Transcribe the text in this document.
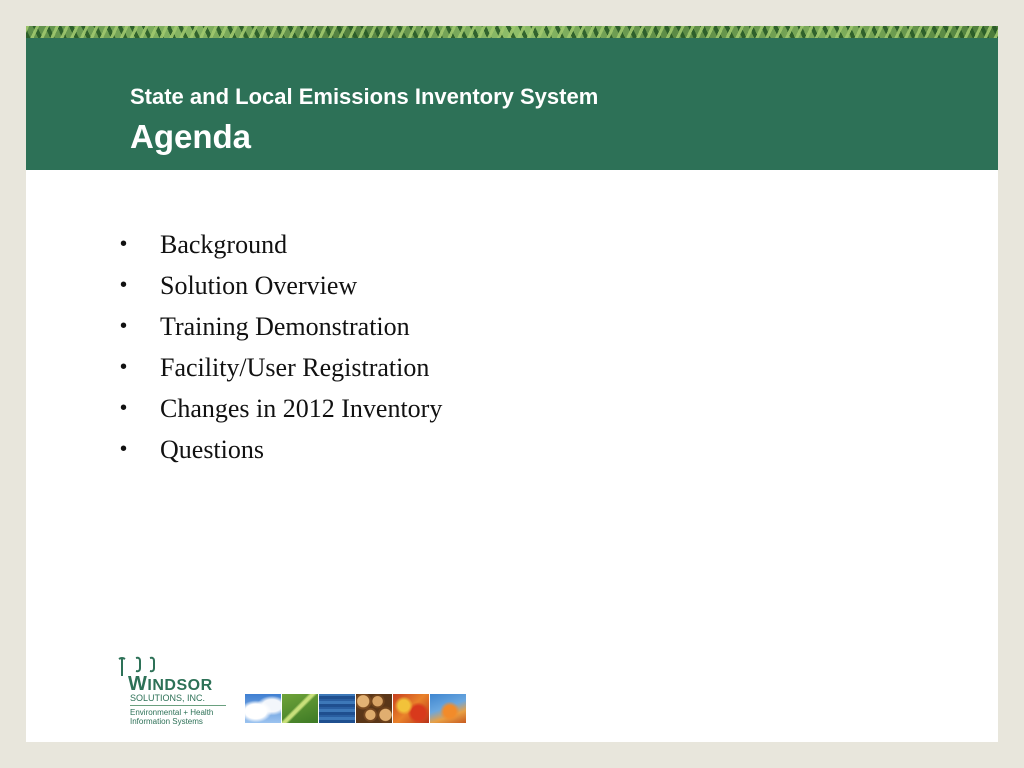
State and Local Emissions Inventory System
Agenda
• Background
• Solution Overview
• Training Demonstration
• Facility/User Registration
• Changes in 2012 Inventory
• Questions
WINDSOR
SOLUTIONS, INC.
Environmental + Health
Information Systems
